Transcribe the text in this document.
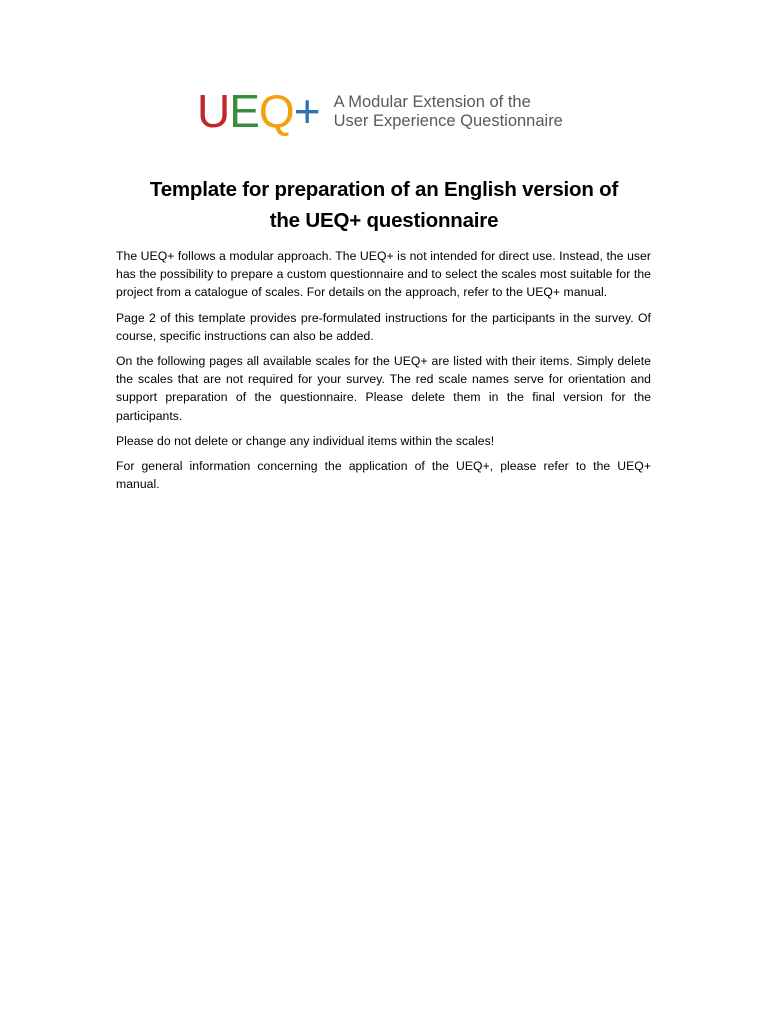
UEQ+ A Modular Extension of the
User Experience Questionnaire
Template for preparation of an English version of
the UEQ+ questionnaire

The UEQ+ follows a modular approach. The UEQ+ is not intended for direct use. Instead, the user has the possibility to prepare a custom questionnaire and to select the scales most suitable for the project from a catalogue of scales. For details on the approach, refer to the UEQ+ manual.

Page 2 of this template provides pre-formulated instructions for the participants in the survey. Of course, specific instructions can also be added.

On the following pages all available scales for the UEQ+ are listed with their items. Simply delete the scales that are not required for your survey. The red scale names serve for orientation and support preparation of the questionnaire. Please delete them in the final version for the participants.

Please do not delete or change any individual items within the scales!

For general information concerning the application of the UEQ+, please refer to the UEQ+ manual.
